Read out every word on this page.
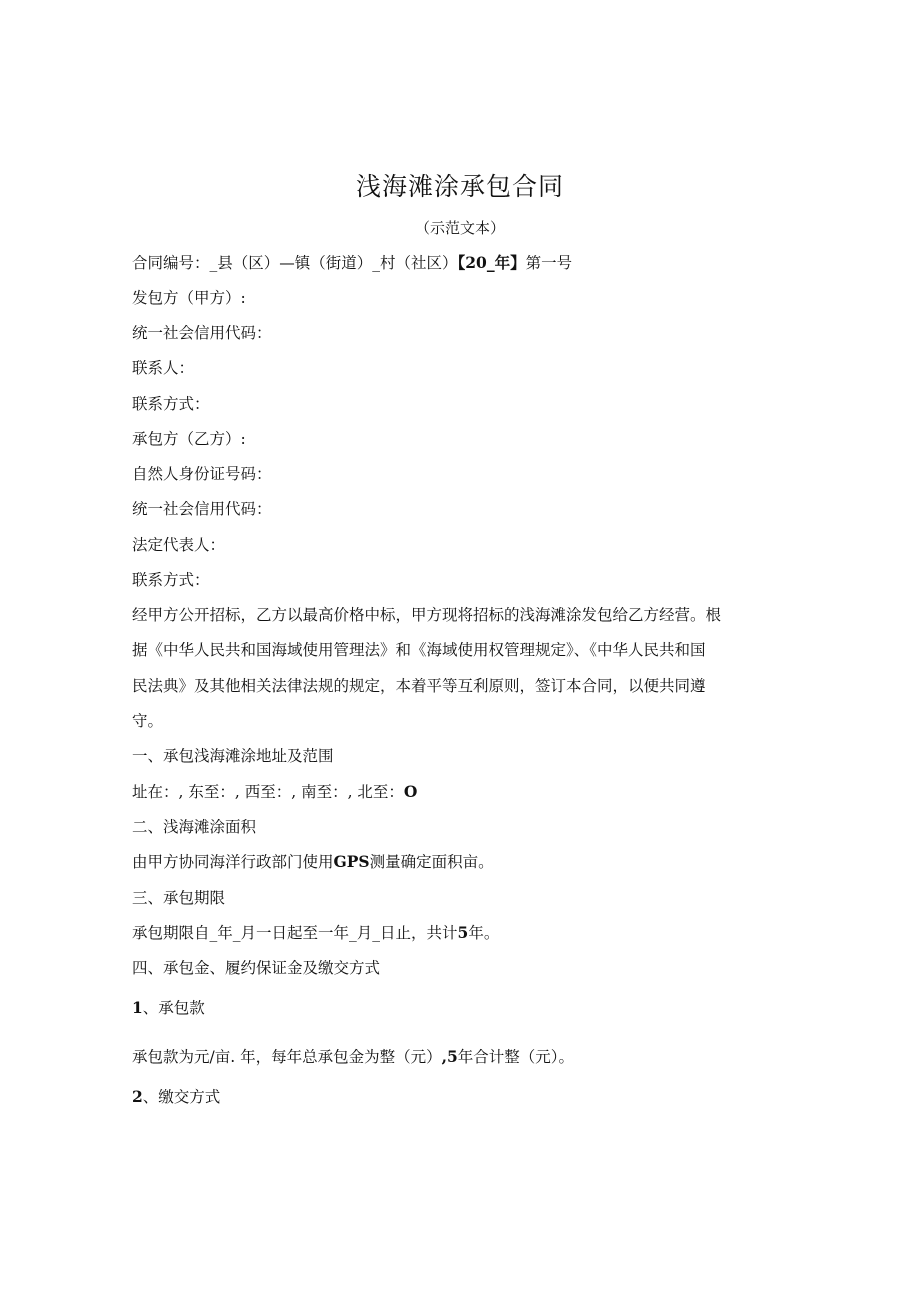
浅海滩涂承包合同

（示范文本）

合同编号：_县（区）—镇（街道）_村（社区）【20_年】第一号

发包方（甲方）:

统一社会信用代码：

联系人：

联系方式：

承包方（乙方）:

自然人身份证号码：

统一社会信用代码：

法定代表人：

联系方式：

经甲方公开招标，乙方以最高价格中标，甲方现将招标的浅海滩涂发包给乙方经营。根

据《中华人民共和国海域使用管理法》和《海域使用权管理规定》、《中华人民共和国

民法典》及其他相关法律法规的规定，本着平等互利原则，签订本合同，以便共同遵

守。

一、承包浅海滩涂地址及范围

址在：, 东至：, 西至：, 南至：, 北至：O

二、浅海滩涂面积

由甲方协同海洋行政部门使用GPS测量确定面积亩。

三、承包期限

承包期限自_年_月一日起至一年_月_日止，共计5年。

四、承包金、履约保证金及缴交方式

1、承包款

承包款为元/亩. 年，每年总承包金为整（元）,5年合计整（元）。

2、缴交方式
